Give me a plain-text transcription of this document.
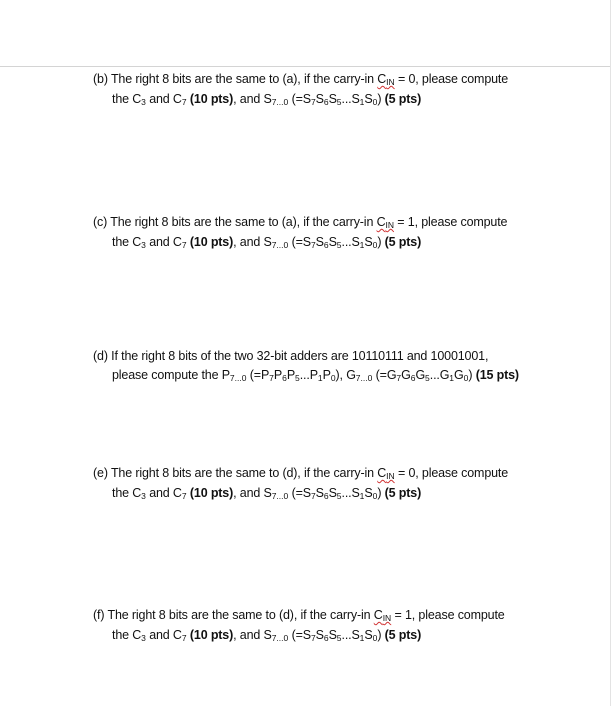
(b) The right 8 bits are the same to (a), if the carry-in CIN = 0, please compute
the C3 and C7 (10 pts), and S7...0 (=S7S6S5...S1S0) (5 pts)
(c) The right 8 bits are the same to (a), if the carry-in CIN = 1, please compute
the C3 and C7 (10 pts), and S7...0 (=S7S6S5...S1S0) (5 pts)
(d) If the right 8 bits of the two 32-bit adders are 10110111 and 10001001,
please compute the P7...0 (=P7P6P5...P1P0), G7...0 (=G7G6G5...G1G0) (15 pts)
(e) The right 8 bits are the same to (d), if the carry-in CIN = 0, please compute
the C3 and C7 (10 pts), and S7...0 (=S7S6S5...S1S0) (5 pts)
(f) The right 8 bits are the same to (d), if the carry-in CIN = 1, please compute
the C3 and C7 (10 pts), and S7...0 (=S7S6S5...S1S0) (5 pts)
